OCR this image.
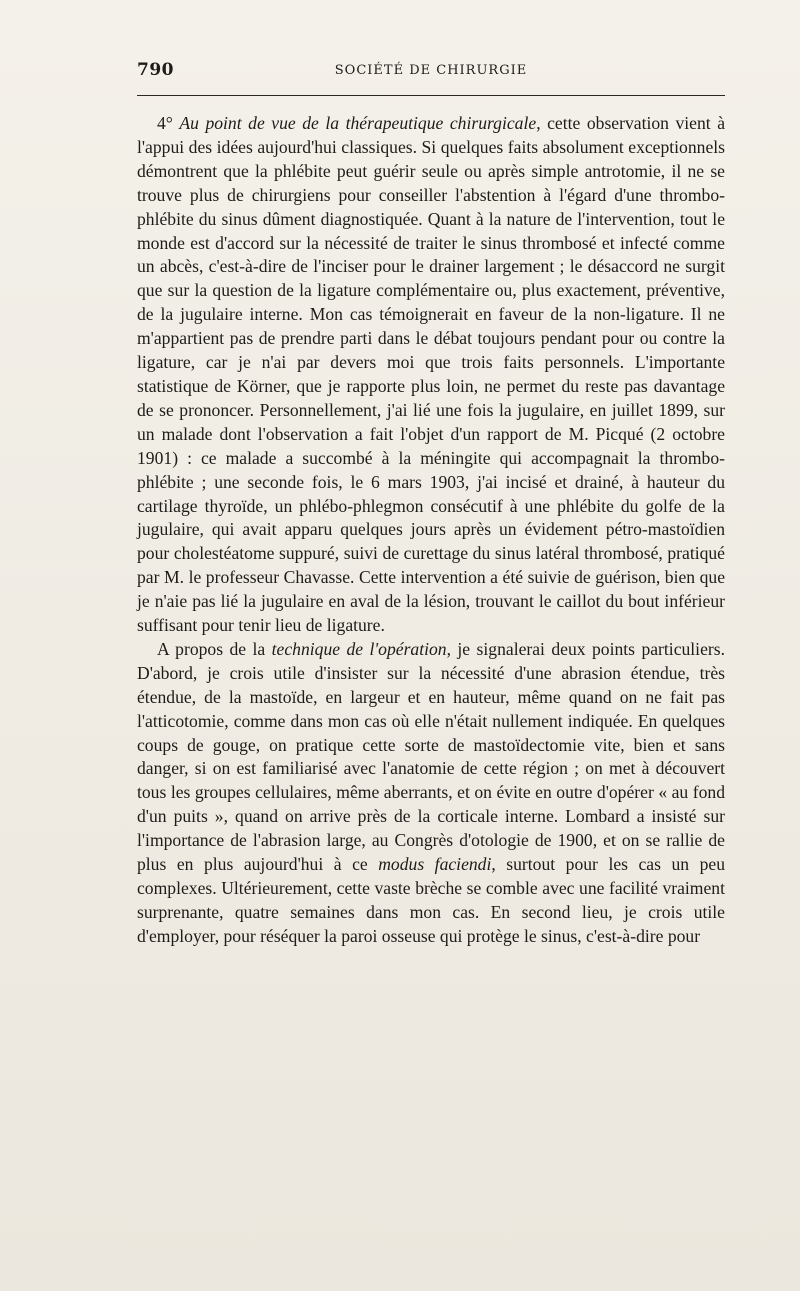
790	SOCIÉTÉ DE CHIRURGIE

4° Au point de vue de la thérapeutique chirurgicale, cette observation vient à l'appui des idées aujourd'hui classiques. Si quelques faits absolument exceptionnels démontrent que la phlébite peut guérir seule ou après simple antrotomie, il ne se trouve plus de chirurgiens pour conseiller l'abstention à l'égard d'une thrombo-phlébite du sinus dûment diagnostiquée. Quant à la nature de l'intervention, tout le monde est d'accord sur la nécessité de traiter le sinus thrombosé et infecté comme un abcès, c'est-à-dire de l'inciser pour le drainer largement ; le désaccord ne surgit que sur la question de la ligature complémentaire ou, plus exactement, préventive, de la jugulaire interne. Mon cas témoignerait en faveur de la non-ligature. Il ne m'appartient pas de prendre parti dans le débat toujours pendant pour ou contre la ligature, car je n'ai par devers moi que trois faits personnels. L'importante statistique de Körner, que je rapporte plus loin, ne permet du reste pas davantage de se prononcer. Personnellement, j'ai lié une fois la jugulaire, en juillet 1899, sur un malade dont l'observation a fait l'objet d'un rapport de M. Picqué (2 octobre 1901) : ce malade a succombé à la méningite qui accompagnait la thrombo-phlébite ; une seconde fois, le 6 mars 1903, j'ai incisé et drainé, à hauteur du cartilage thyroïde, un phlébo-phlegmon consécutif à une phlébite du golfe de la jugulaire, qui avait apparu quelques jours après un évidement pétro-mastoïdien pour cholestéatome suppuré, suivi de curettage du sinus latéral thrombosé, pratiqué par M. le professeur Chavasse. Cette intervention a été suivie de guérison, bien que je n'aie pas lié la jugulaire en aval de la lésion, trouvant le caillot du bout inférieur suffisant pour tenir lieu de ligature.

A propos de la technique de l'opération, je signalerai deux points particuliers. D'abord, je crois utile d'insister sur la nécessité d'une abrasion étendue, très étendue, de la mastoïde, en largeur et en hauteur, même quand on ne fait pas l'atticotomie, comme dans mon cas où elle n'était nullement indiquée. En quelques coups de gouge, on pratique cette sorte de mastoïdectomie vite, bien et sans danger, si on est familiarisé avec l'anatomie de cette région ; on met à découvert tous les groupes cellulaires, même aberrants, et on évite en outre d'opérer « au fond d'un puits », quand on arrive près de la corticale interne. Lombard a insisté sur l'importance de l'abrasion large, au Congrès d'otologie de 1900, et on se rallie de plus en plus aujourd'hui à ce modus faciendi, surtout pour les cas un peu complexes. Ultérieurement, cette vaste brèche se comble avec une facilité vraiment surprenante, quatre semaines dans mon cas. En second lieu, je crois utile d'employer, pour réséquer la paroi osseuse qui protège le sinus, c'est-à-dire pour
